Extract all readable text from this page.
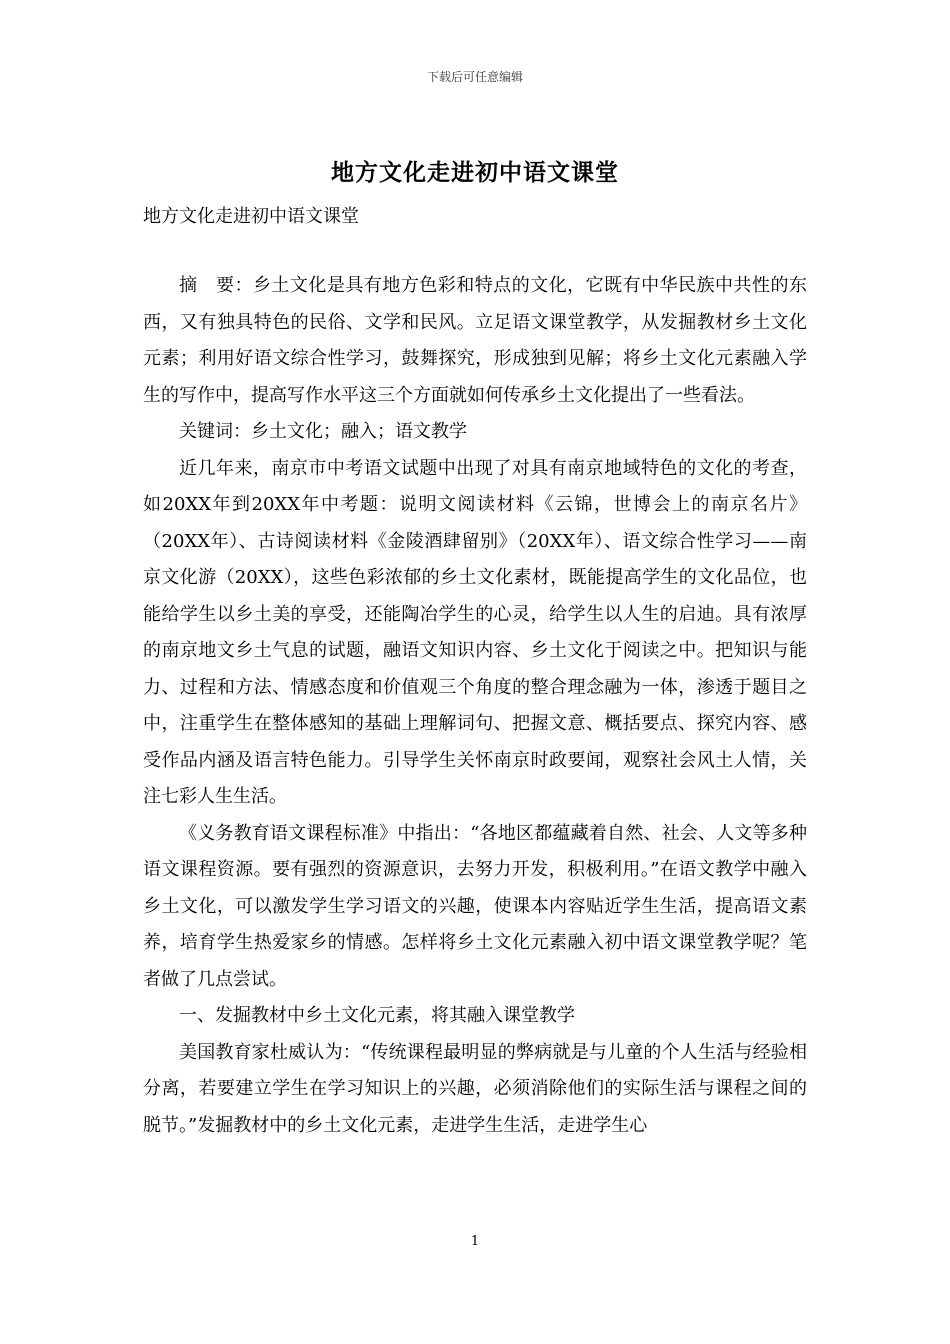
下载后可任意编辑
地方文化走进初中语文课堂
地方文化走进初中语文课堂

摘　要：乡土文化是具有地方色彩和特点的文化，它既有中华民族中共性的东西，又有独具特色的民俗、文学和民风。立足语文课堂教学，从发掘教材乡土文化元素；利用好语文综合性学习，鼓舞探究，形成独到见解；将乡土文化元素融入学生的写作中，提高写作水平这三个方面就如何传承乡土文化提出了一些看法。

关键词：乡土文化；融入；语文教学

近几年来，南京市中考语文试题中出现了对具有南京地域特色的文化的考查，如20XX年到20XX年中考题：说明文阅读材料《云锦，世博会上的南京名片》（20XX年）、古诗阅读材料《金陵酒肆留别》（20XX年）、语文综合性学习——南京文化游（20XX），这些色彩浓郁的乡土文化素材，既能提高学生的文化品位，也能给学生以乡土美的享受，还能陶冶学生的心灵，给学生以人生的启迪。具有浓厚的南京地文乡土气息的试题，融语文知识内容、乡土文化于阅读之中。把知识与能力、过程和方法、情感态度和价值观三个角度的整合理念融为一体，渗透于题目之中，注重学生在整体感知的基础上理解词句、把握文意、概括要点、探究内容、感受作品内涵及语言特色能力。引导学生关怀南京时政要闻，观察社会风土人情，关注七彩人生生活。

《义务教育语文课程标准》中指出：“各地区都蕴藏着自然、社会、人文等多种语文课程资源。要有强烈的资源意识，去努力开发，积极利用。”在语文教学中融入乡土文化，可以激发学生学习语文的兴趣，使课本内容贴近学生生活，提高语文素养，培育学生热爱家乡的情感。怎样将乡土文化元素融入初中语文课堂教学呢？笔者做了几点尝试。

一、发掘教材中乡土文化元素，将其融入课堂教学

美国教育家杜威认为：“传统课程最明显的弊病就是与儿童的个人生活与经验相分离，若要建立学生在学习知识上的兴趣，必须消除他们的实际生活与课程之间的脱节。”发掘教材中的乡土文化元素，走进学生生活，走进学生心

1
